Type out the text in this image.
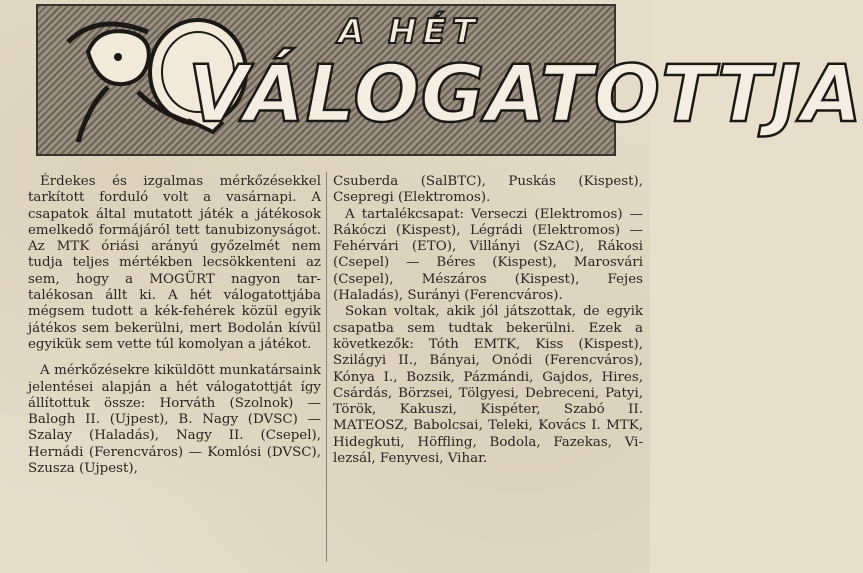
A HÉT
VÁLOGATOTTJA

Érdekes és izgalmas mérkőzésekkel tarkított forduló volt a vasárnapi. A csapatok által mutatott játék a játékosok emelkedő formájáról tett tanubizonyságot. Az MTK óriási arányú győzelmét nem tudja teljes mértékben lecsökkenteni az sem, hogy a MOGÜRT nagyon tartalékosan állt ki. A hét válogatottjába mégsem tudott a kék-fehérek közül egyik játékos sem bekerülni, mert Bodolán kívül egyikük sem vette túl komolyan a játékot.

A mérkőzésekre kiküldött munkatársaink jelentései alapján a hét válogatottját így állítottuk össze: Horváth (Szolnok) — Balogh II. (Ujpest), B. Nagy (DVSC) — Szalay (Haladás), Nagy II. (Csepel), Hernádi (Ferencváros) — Komlósi (DVSC), Szusza (Ujpest),

Csuberda (SalBTC), Puskás (Kispest), Csepregi (Elektromos).

A tartalékcsapat: Verseczi (Elektromos) — Rákóczi (Kispest), Légrádi (Elektromos) — Fehérvári (ETO), Villányi (SzAC), Rákosi (Csepel) — Béres (Kispest), Marosvári (Csepel), Mészáros (Kispest), Fejes (Haladás), Surányi (Ferencváros).

Sokan voltak, akik jól játszottak, de egyik csapatba sem tudtak bekerülni. Ezek a következők: Tóth EMTK, Kiss (Kispest), Szilágyi II., Bányai, Onódi (Ferencváros), Kónya I., Bozsik, Pázmándi, Gajdos, Hires, Csárdás, Börzsei, Tölgyesi, Debreceni, Patyi, Török, Kakuszi, Kispéter, Szabó II. MATEOSZ, Babolcsai, Teleki, Kovács I. MTK, Hidegkuti, Höffling, Bodola, Fazekas, Vilezsál, Fenyvesi, Vihar.
